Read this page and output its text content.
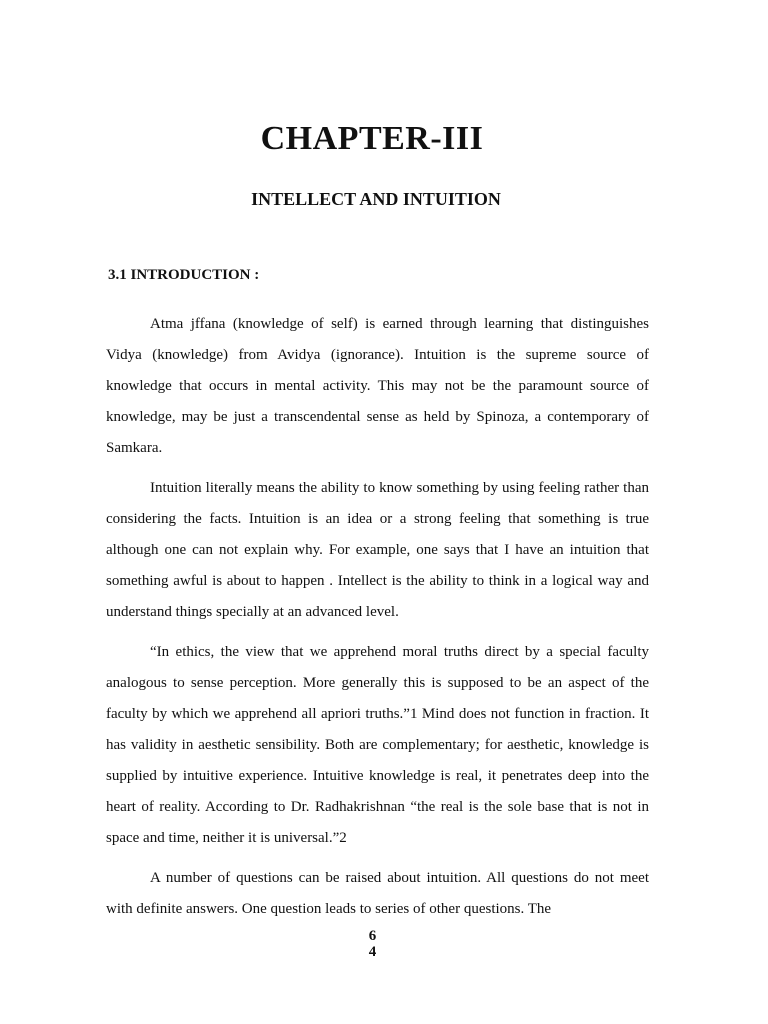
CHAPTER-III
INTELLECT AND INTUITION
3.1 INTRODUCTION :

Atma jffana (knowledge of self) is earned through learning that distinguishes Vidya (knowledge) from Avidya (ignorance). Intuition is the supreme source of knowledge that occurs in mental activity. This may not be the paramount source of knowledge, may be just a transcendental sense as held by Spinoza, a contemporary of Samkara.

Intuition literally means the ability to know something by using feeling rather than considering the facts. Intuition is an idea or a strong feeling that something is true although one can not explain why. For example, one says that I have an intuition that something awful is about to happen . Intellect is the ability to think in a logical way and understand things specially at an advanced level.

“In ethics, the view that we apprehend moral truths direct by a special faculty analogous to sense perception. More generally this is supposed to be an aspect of the faculty by which we apprehend all apriori truths.”1 Mind does not function in fraction. It has validity in aesthetic sensibility. Both are complementary; for aesthetic, knowledge is supplied by intuitive experience. Intuitive knowledge is real, it penetrates deep into the heart of reality. According to Dr. Radhakrishnan “the real is the sole base that is not in space and time, neither it is universal.”2

A number of questions can be raised about intuition. All questions do not meet with definite answers. One question leads to series of other questions. The

6
4
